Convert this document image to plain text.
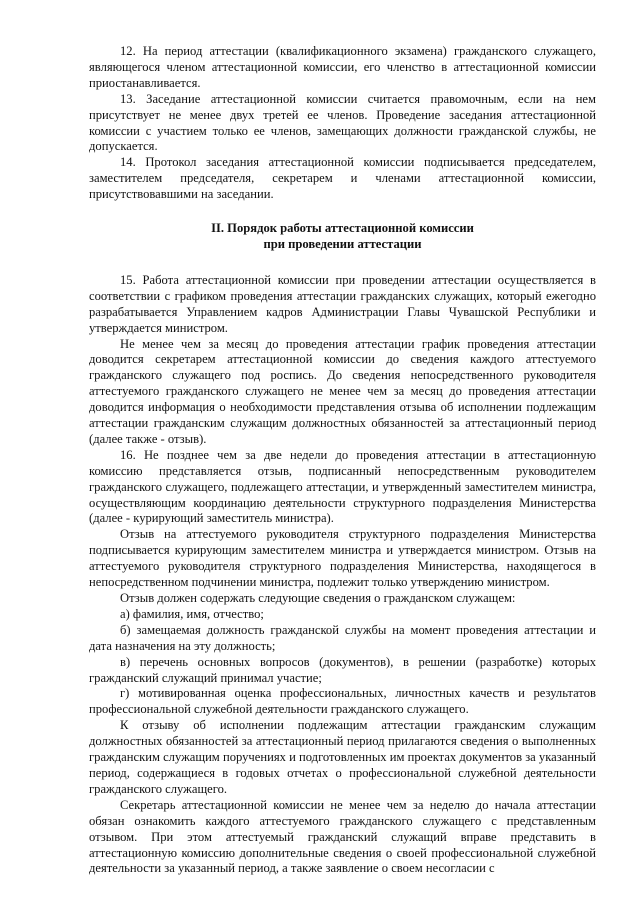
12. На период аттестации (квалификационного экзамена) гражданского служащего, являющегося членом аттестационной комиссии, его членство в аттестационной комиссии приостанавливается.

13. Заседание аттестационной комиссии считается правомочным, если на нем присутствует не менее двух третей ее членов. Проведение заседания аттестационной комиссии с участием только ее членов, замещающих должности гражданской службы, не допускается.

14. Протокол заседания аттестационной комиссии подписывается председателем, заместителем председателя, секретарем и членами аттестационной комиссии, присутствовавшими на заседании.

II. Порядок работы аттестационной комиссии
при проведении аттестации

15. Работа аттестационной комиссии при проведении аттестации осуществляется в соответствии с графиком проведения аттестации гражданских служащих, который ежегодно разрабатывается Управлением кадров Администрации Главы Чувашской Республики и утверждается министром.

Не менее чем за месяц до проведения аттестации график проведения аттестации доводится секретарем аттестационной комиссии до сведения каждого аттестуемого гражданского служащего под роспись. До сведения непосредственного руководителя аттестуемого гражданского служащего не менее чем за месяц до проведения аттестации доводится информация о необходимости представления отзыва об исполнении подлежащим аттестации гражданским служащим должностных обязанностей за аттестационный период (далее также - отзыв).

16. Не позднее чем за две недели до проведения аттестации в аттестационную комиссию представляется отзыв, подписанный непосредственным руководителем гражданского служащего, подлежащего аттестации, и утвержденный заместителем министра, осуществляющим координацию деятельности структурного подразделения Министерства (далее - курирующий заместитель министра).

Отзыв на аттестуемого руководителя структурного подразделения Министерства подписывается курирующим заместителем министра и утверждается министром. Отзыв на аттестуемого руководителя структурного подразделения Министерства, находящегося в непосредственном подчинении министра, подлежит только утверждению министром.

Отзыв должен содержать следующие сведения о гражданском служащем:

а) фамилия, имя, отчество;

б) замещаемая должность гражданской службы на момент проведения аттестации и дата назначения на эту должность;

в) перечень основных вопросов (документов), в решении (разработке) которых гражданский служащий принимал участие;

г) мотивированная оценка профессиональных, личностных качеств и результатов профессиональной служебной деятельности гражданского служащего.

К отзыву об исполнении подлежащим аттестации гражданским служащим должностных обязанностей за аттестационный период прилагаются сведения о выполненных гражданским служащим поручениях и подготовленных им проектах документов за указанный период, содержащиеся в годовых отчетах о профессиональной служебной деятельности гражданского служащего.

Секретарь аттестационной комиссии не менее чем за неделю до начала аттестации обязан ознакомить каждого аттестуемого гражданского служащего с представленным отзывом. При этом аттестуемый гражданский служащий вправе представить в аттестационную комиссию дополнительные сведения о своей профессиональной служебной деятельности за указанный период, а также заявление о своем несогласии с
